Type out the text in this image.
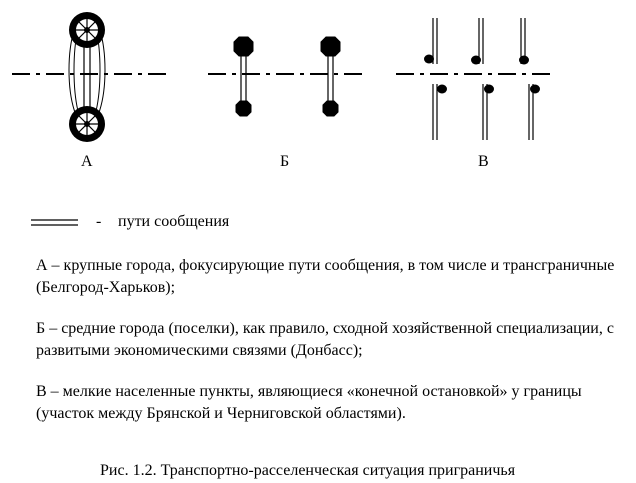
А	Б	В
- пути сообщения

А – крупные города, фокусирующие пути сообщения, в том числе и трансграничные (Белгород-Харьков);

Б – средние города (поселки), как правило, сходной хозяйственной специализации, с развитыми экономическими связями (Донбасс);

В – мелкие населенные пункты, являющиеся «конечной остановкой» у границы (участок между Брянской и Черниговской областями).

Рис. 1.2. Транспортно-расселенческая ситуация приграничья
